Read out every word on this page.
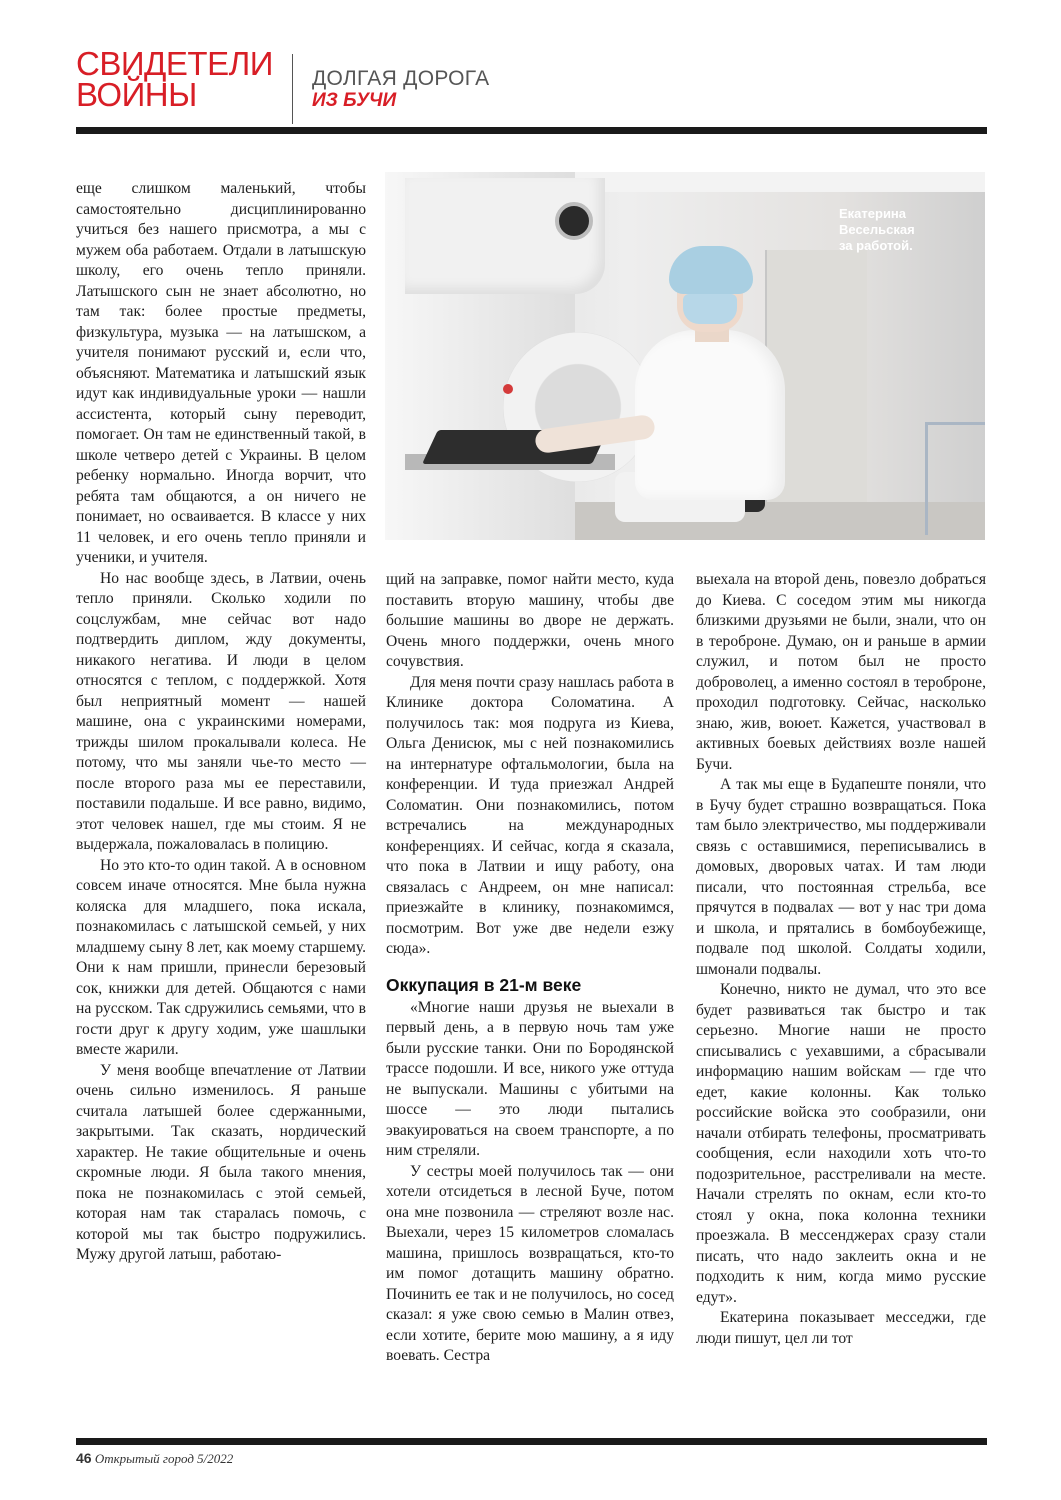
СВИДЕТЕЛИ
ВОЙНЫ	ДОЛГАЯ ДОРОГА
ИЗ БУЧИ

еще слишком маленький, чтобы самостоятельно дисциплинированно учиться без нашего присмотра, а мы с мужем оба работаем. Отдали в латышскую школу, его очень тепло приняли. Латышского сын не знает абсолютно, но там так: более простые предметы, физкультура, музыка — на латышском, а учителя понимают русский и, если что, объясняют. Математика и латышский язык идут как индивидуальные уроки — нашли ассистента, который сыну переводит, помогает. Он там не единственный такой, в школе четверо детей с Украины. В целом ребенку нормально. Иногда ворчит, что ребята там общаются, а он ничего не понимает, но осваивается. В классе у них 11 человек, и его очень тепло приняли и ученики, и учителя.

Но нас вообще здесь, в Латвии, очень тепло приняли. Сколько ходили по соцслужбам, мне сейчас вот надо подтвердить диплом, жду документы, никакого негатива. И люди в целом относятся с теплом, с поддержкой. Хотя был неприятный момент — нашей машине, она с украинскими номерами, трижды шилом прокалывали колеса. Не потому, что мы заняли чье-то место — после второго раза мы ее переставили, поставили подальше. И все равно, видимо, этот человек нашел, где мы стоим. Я не выдержала, пожаловалась в полицию.

Но это кто-то один такой. А в основном совсем иначе относятся. Мне была нужна коляска для младшего, пока искала, познакомилась с латышской семьей, у них младшему сыну 8 лет, как моему старшему. Они к нам пришли, принесли березовый сок, книжки для детей. Общаются с нами на русском. Так сдружились семьями, что в гости друг к другу ходим, уже шашлыки вместе жарили.

У меня вообще впечатление от Латвии очень сильно изменилось. Я раньше считала латышей более сдержанными, закрытыми. Так сказать, нордический характер. Не такие общительные и очень скромные люди. Я была такого мнения, пока не познакомилась с этой семьей, которая нам так старалась помочь, с которой мы так быстро подружились. Мужу другой латыш, работаю-

Екатерина
Весельская
за работой.

щий на заправке, помог найти место, куда поставить вторую машину, чтобы две большие машины во дворе не держать. Очень много поддержки, очень много сочувствия.

Для меня почти сразу нашлась работа в Клинике доктора Соломатина. А получилось так: моя подруга из Киева, Ольга Денисюк, мы с ней познакомились на интернатуре офтальмологии, была на конференции. И туда приезжал Андрей Соломатин. Они познакомились, потом встречались на международных конференциях. И сейчас, когда я сказала, что пока в Латвии и ищу работу, она связалась с Андреем, он мне написал: приезжайте в клинику, познакомимся, посмотрим. Вот уже две недели езжу сюда».

Оккупация в 21-м веке

«Многие наши друзья не выехали в первый день, а в первую ночь там уже были русские танки. Они по Бородянской трассе подошли. И все, никого уже оттуда не выпускали. Машины с убитыми на шоссе — это люди пытались эвакуироваться на своем транспорте, а по ним стреляли.

У сестры моей получилось так — они хотели отсидеться в лесной Буче, потом она мне позвонила — стреляют возле нас. Выехали, через 15 километров сломалась машина, пришлось возвращаться, кто-то им помог дотащить машину обратно. Починить ее так и не получилось, но сосед сказал: я уже свою семью в Малин отвез, если хотите, берите мою машину, а я иду воевать. Сестра

выехала на второй день, повезло добраться до Киева. С соседом этим мы никогда близкими друзьями не были, знали, что он в тероброне. Думаю, он и раньше в армии служил, и потом был не просто доброволец, а именно состоял в тероброне, проходил подготовку. Сейчас, насколько знаю, жив, воюет. Кажется, участвовал в активных боевых действиях возле нашей Бучи.

А так мы еще в Будапеште поняли, что в Бучу будет страшно возвращаться. Пока там было электричество, мы поддерживали связь с оставшимися, переписывались в домовых, дворовых чатах. И там люди писали, что постоянная стрельба, все прячутся в подвалах — вот у нас три дома и школа, и прятались в бомбоубежище, подвале под школой. Солдаты ходили, шмонали подвалы.

Конечно, никто не думал, что это все будет развиваться так быстро и так серьезно. Многие наши не просто списывались с уехавшими, а сбрасывали информацию нашим войскам — где что едет, какие колонны. Как только российские войска это сообразили, они начали отбирать телефоны, просматривать сообщения, если находили хоть что-то подозрительное, расстреливали на месте. Начали стрелять по окнам, если кто-то стоял у окна, пока колонна техники проезжала. В мессенджерах сразу стали писать, что надо заклеить окна и не подходить к ним, когда мимо русские едут».

Екатерина показывает месседжи, где люди пишут, цел ли тот

46 Открытый город 5/2022
